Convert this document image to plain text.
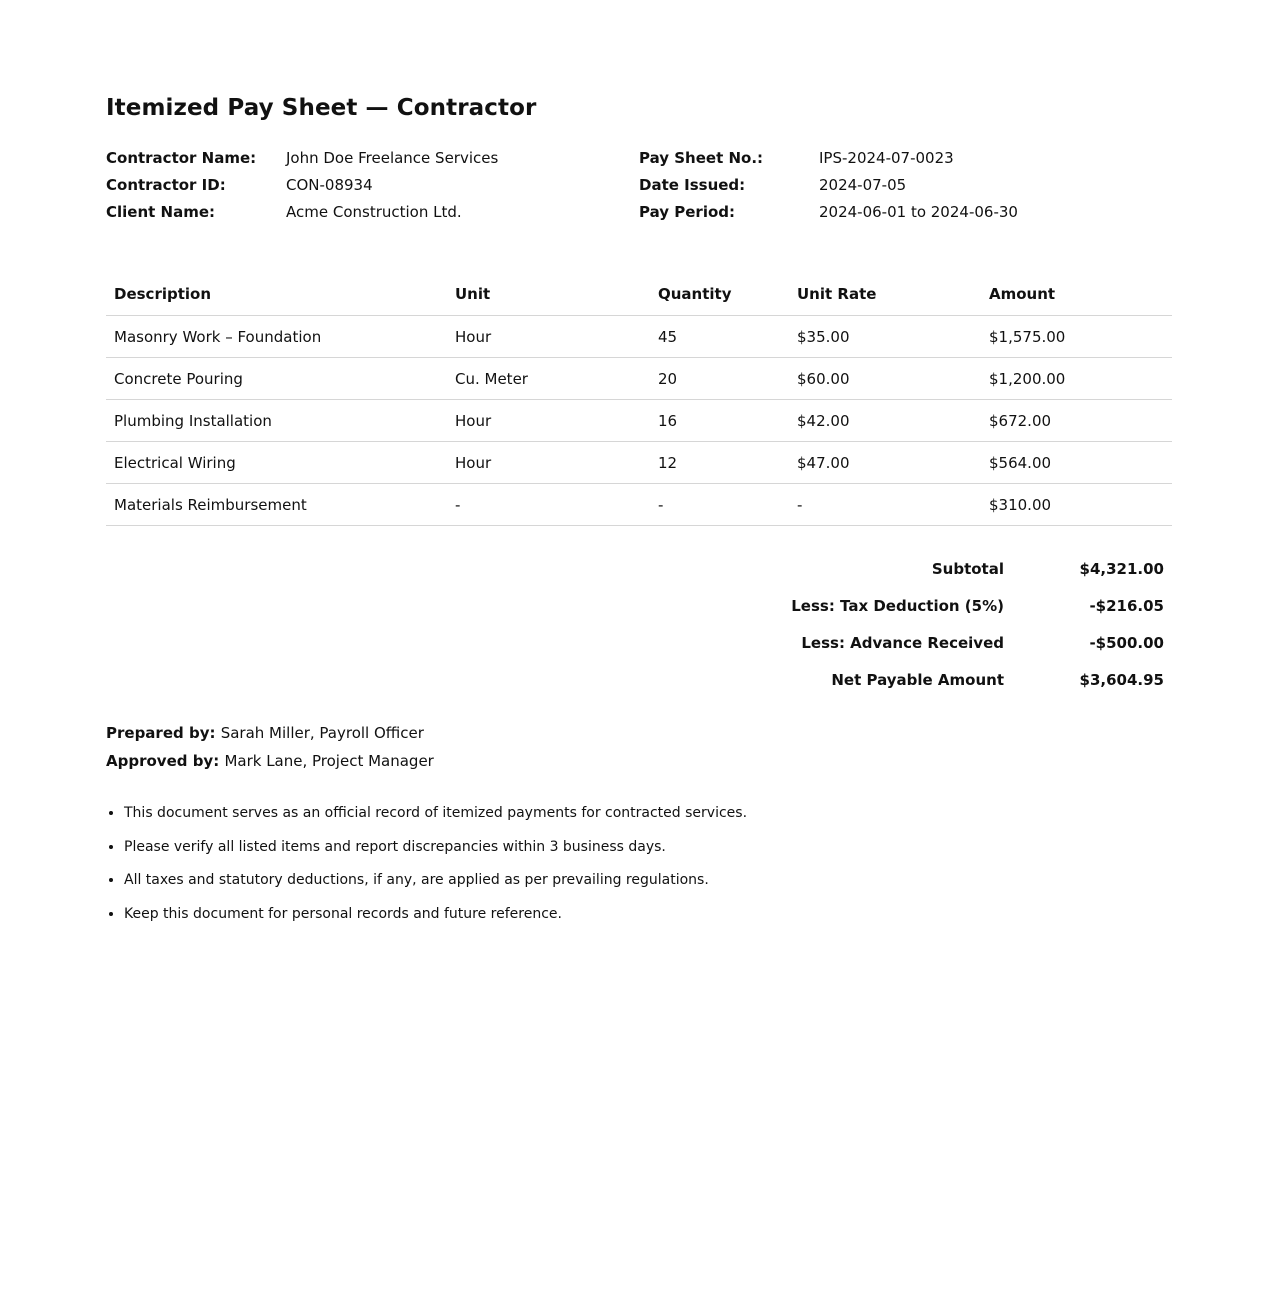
Itemized Pay Sheet — Contractor
Contractor Name:	John Doe Freelance Services
Contractor ID:	CON-08934
Client Name:	Acme Construction Ltd.
Pay Sheet No.:	IPS-2024-07-0023
Date Issued:	2024-07-05
Pay Period:	2024-06-01 to 2024-06-30
Description	Unit	Quantity	Unit Rate	Amount
Masonry Work – Foundation	Hour	45	$35.00	$1,575.00
Concrete Pouring	Cu. Meter	20	$60.00	$1,200.00
Plumbing Installation	Hour	16	$42.00	$672.00
Electrical Wiring	Hour	12	$47.00	$564.00
Materials Reimbursement	-	-	-	$310.00
Subtotal	$4,321.00
Less: Tax Deduction (5%)	-$216.05
Less: Advance Received	-$500.00
Net Payable Amount	$3,604.95
Prepared by: Sarah Miller, Payroll Officer
Approved by: Mark Lane, Project Manager
• This document serves as an official record of itemized payments for contracted services.
• Please verify all listed items and report discrepancies within 3 business days.
• All taxes and statutory deductions, if any, are applied as per prevailing regulations.
• Keep this document for personal records and future reference.
